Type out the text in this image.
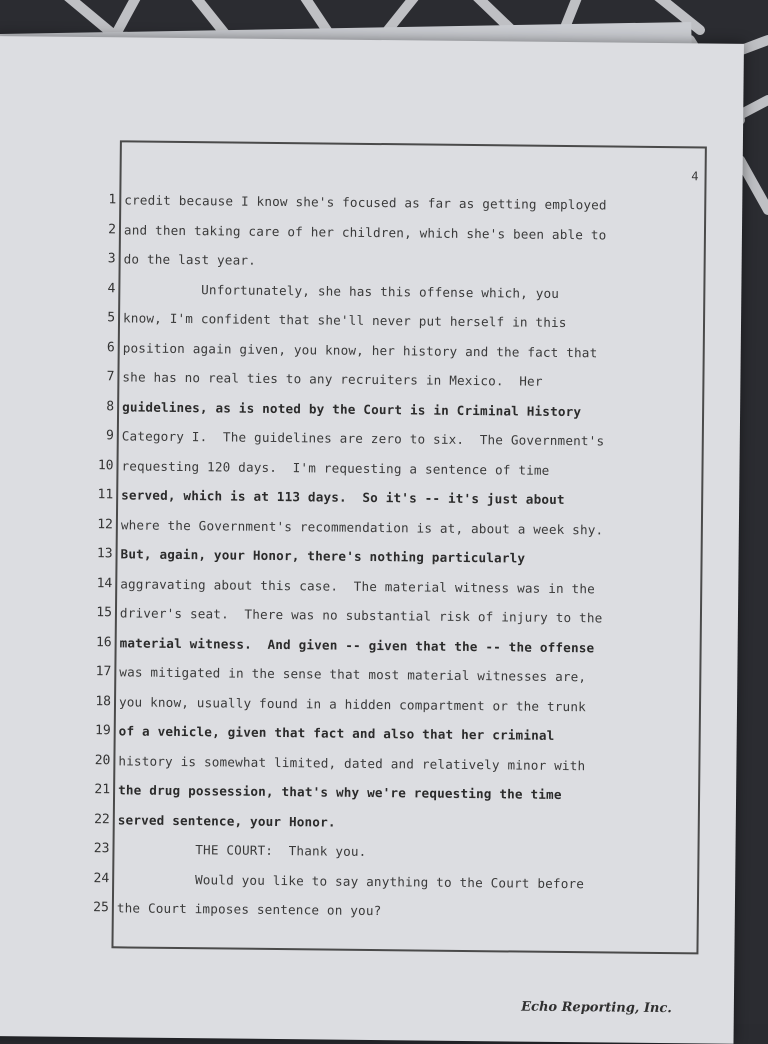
4
1 credit because I know she's focused as far as getting employed
2 and then taking care of her children, which she's been able to
3 do the last year.
4 Unfortunately, she has this offense which, you
5 know, I'm confident that she'll never put herself in this
6 position again given, you know, her history and the fact that
7 she has no real ties to any recruiters in Mexico.  Her
8 guidelines, as is noted by the Court is in Criminal History
9 Category I.  The guidelines are zero to six.  The Government's
10 requesting 120 days.  I'm requesting a sentence of time
11 served, which is at 113 days.  So it's -- it's just about
12 where the Government's recommendation is at, about a week shy.
13 But, again, your Honor, there's nothing particularly
14 aggravating about this case.  The material witness was in the
15 driver's seat.  There was no substantial risk of injury to the
16 material witness.  And given -- given that the -- the offense
17 was mitigated in the sense that most material witnesses are,
18 you know, usually found in a hidden compartment or the trunk
19 of a vehicle, given that fact and also that her criminal
20 history is somewhat limited, dated and relatively minor with
21 the drug possession, that's why we're requesting the time
22 served sentence, your Honor.
23 THE COURT:  Thank you.
24 Would you like to say anything to the Court before
25 the Court imposes sentence on you?
Echo Reporting, Inc.
